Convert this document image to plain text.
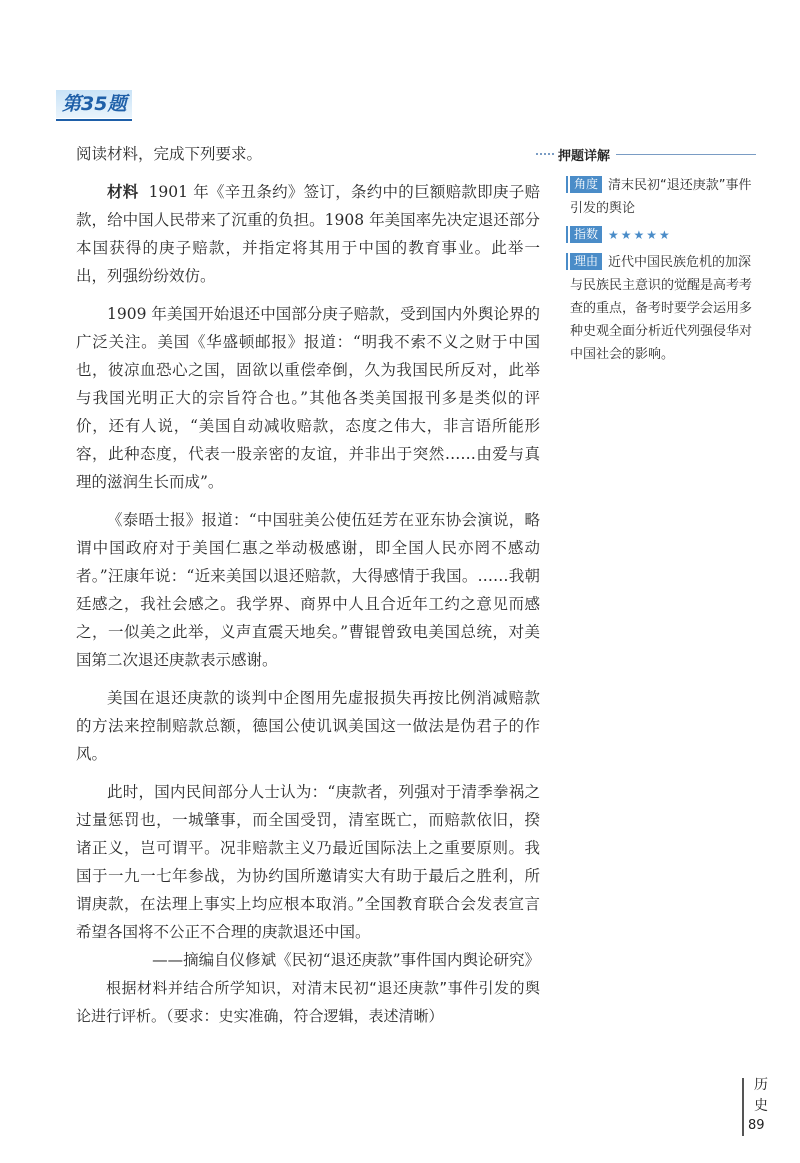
第35题

阅读材料，完成下列要求。

材料 1901 年《辛丑条约》签订，条约中的巨额赔款即庚子赔款，给中国人民带来了沉重的负担。1908 年美国率先决定退还部分本国获得的庚子赔款，并指定将其用于中国的教育事业。此举一出，列强纷纷效仿。

1909 年美国开始退还中国部分庚子赔款，受到国内外舆论界的广泛关注。美国《华盛顿邮报》报道：“明我不索不义之财于中国也，彼凉血恐心之国，固欲以重偿牵倒，久为我国民所反对，此举与我国光明正大的宗旨符合也。”其他各类美国报刊多是类似的评价，还有人说，“美国自动减收赔款，态度之伟大，非言语所能形容，此种态度，代表一股亲密的友谊，并非出于突然……由爱与真理的滋润生长而成”。

《泰晤士报》报道：“中国驻美公使伍廷芳在亚东协会演说，略谓中国政府对于美国仁惠之举动极感谢，即全国人民亦罔不感动者。”汪康年说：“近来美国以退还赔款，大得感情于我国。……我朝廷感之，我社会感之。我学界、商界中人且合近年工约之意见而感之，一似美之此举，义声直震天地矣。”曹锟曾致电美国总统，对美国第二次退还庚款表示感谢。

美国在退还庚款的谈判中企图用先虚报损失再按比例消减赔款的方法来控制赔款总额，德国公使讥讽美国这一做法是伪君子的作风。

此时，国内民间部分人士认为：“庚款者，列强对于清季拳祸之过量惩罚也，一城肇事，而全国受罚，清室既亡，而赔款依旧，揆诸正义，岂可谓平。况非赔款主义乃最近国际法上之重要原则。我国于一九一七年参战，为协约国所邀请实大有助于最后之胜利，所谓庚款，在法理上事实上均应根本取消。”全国教育联合会发表宣言希望各国将不公正不合理的庚款退还中国。

——摘编自仪修斌《民初“退还庚款”事件国内舆论研究》

根据材料并结合所学知识，对清末民初“退还庚款”事件引发的舆论进行评析。（要求：史实准确，符合逻辑，表述清晰）

押题详解
角度 清末民初“退还庚款”事件引发的舆论
指数 ★★★★★
理由 近代中国民族危机的加深与民族民主意识的觉醒是高考考查的重点，备考时要学会运用多种史观全面分析近代列强侵华对中国社会的影响。
历
史
89
